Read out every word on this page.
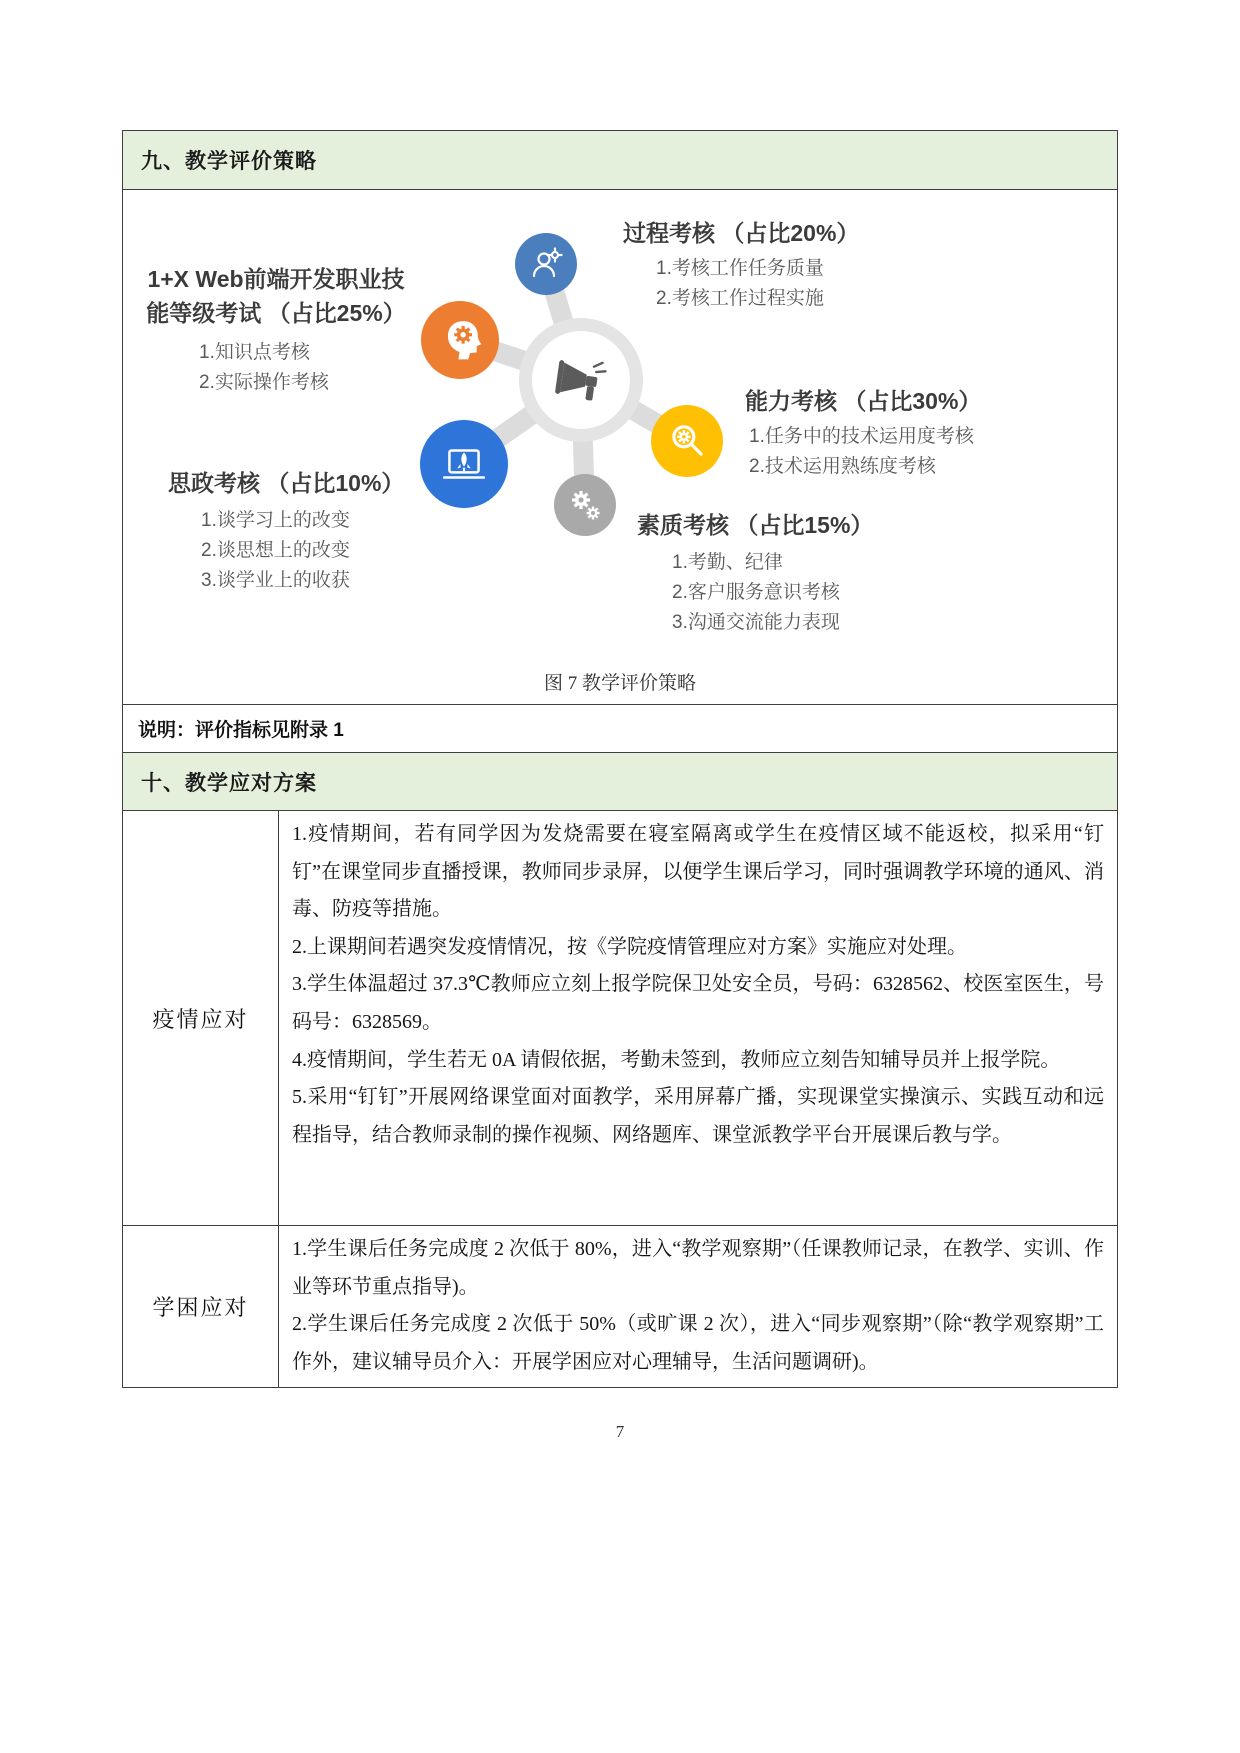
九、教学评价策略
1+X Web前端开发职业技
能等级考试 （占比25%）
1.知识点考核
2.实际操作考核
过程考核 （占比20%）
1.考核工作任务质量
2.考核工作过程实施
能力考核 （占比30%）
1.任务中的技术运用度考核
2.技术运用熟练度考核
思政考核 （占比10%）
1.谈学习上的改变
2.谈思想上的改变
3.谈学业上的收获
素质考核 （占比15%）
1.考勤、纪律
2.客户服务意识考核
3.沟通交流能力表现
图 7 教学评价策略
说明：评价指标见附录 1
十、教学应对方案
疫情应对
1.疫情期间，若有同学因为发烧需要在寝室隔离或学生在疫情区域不能返校，拟采用“钉钉”在课堂同步直播授课，教师同步录屏，以便学生课后学习，同时强调教学环境的通风、消毒、防疫等措施。
2.上课期间若遇突发疫情情况，按《学院疫情管理应对方案》实施应对处理。
3.学生体温超过 37.3℃教师应立刻上报学院保卫处安全员，号码：6328562、校医室医生，号码号：6328569。
4.疫情期间，学生若无 0A 请假依据，考勤未签到，教师应立刻告知辅导员并上报学院。
5.采用“钉钉”开展网络课堂面对面教学，采用屏幕广播，实现课堂实操演示、实践互动和远程指导，结合教师录制的操作视频、网络题库、课堂派教学平台开展课后教与学。
学困应对
1.学生课后任务完成度 2 次低于 80%，进入“教学观察期”（任课教师记录，在教学、实训、作业等环节重点指导)。
2.学生课后任务完成度 2 次低于 50%（或旷课 2 次），进入“同步观察期”（除“教学观察期”工作外，建议辅导员介入：开展学困应对心理辅导，生活问题调研)。
7
